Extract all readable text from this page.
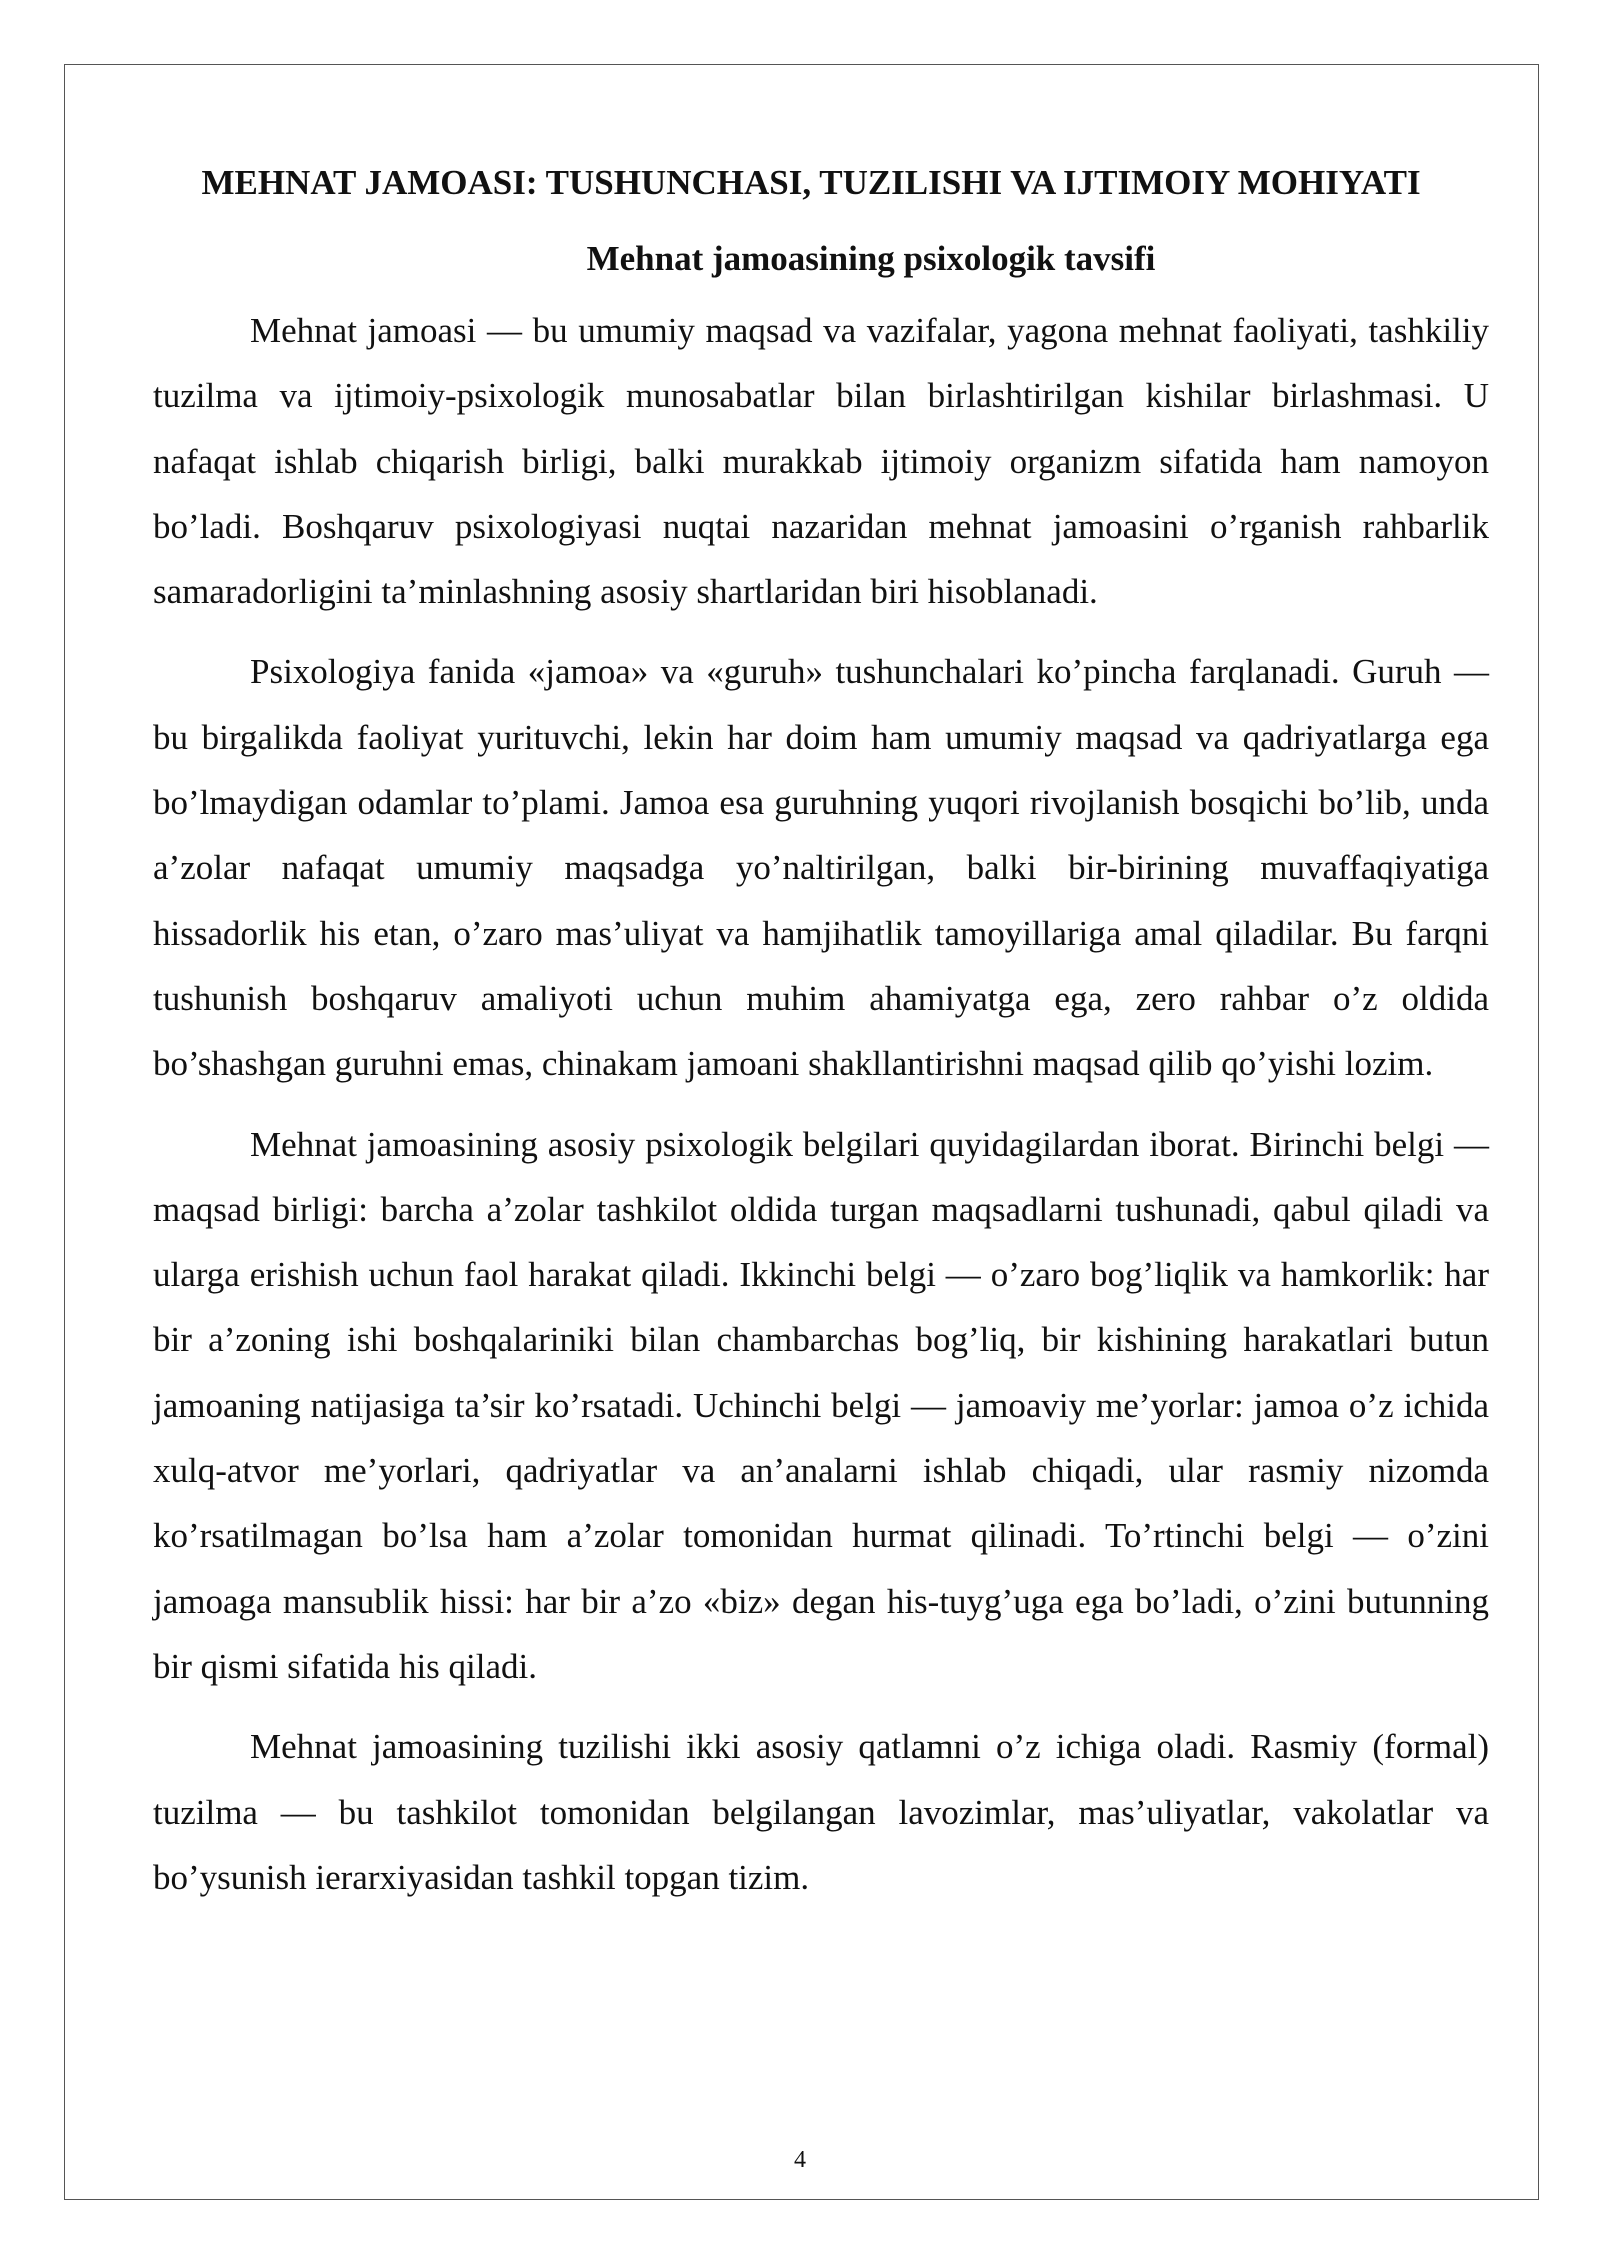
MEHNAT JAMOASI: TUSHUNCHASI, TUZILISHI VA IJTIMOIY MOHIYATI
Mehnat jamoasining psixologik tavsifi

Mehnat jamoasi — bu umumiy maqsad va vazifalar, yagona mehnat faoliyati, tashkiliy tuzilma va ijtimoiy-psixologik munosabatlar bilan birlashtirilgan kishilar birlashmasi. U nafaqat ishlab chiqarish birligi, balki murakkab ijtimoiy organizm sifatida ham namoyon bo’ladi. Boshqaruv psixologiyasi nuqtai nazaridan mehnat jamoasini o’rganish rahbarlik samaradorligini ta’minlashning asosiy shartlaridan biri hisoblanadi.

Psixologiya fanida «jamoa» va «guruh» tushunchalari ko’pincha farqlanadi. Guruh — bu birgalikda faoliyat yurituvchi, lekin har doim ham umumiy maqsad va qadriyatlarga ega bo’lmaydigan odamlar to’plami. Jamoa esa guruhning yuqori rivojlanish bosqichi bo’lib, unda a’zolar nafaqat umumiy maqsadga yo’naltirilgan, balki bir-birining muvaffaqiyatiga hissadorlik his etan, o’zaro mas’uliyat va hamjihatlik tamoyillariga amal qiladilar. Bu farqni tushunish boshqaruv amaliyoti uchun muhim ahamiyatga ega, zero rahbar o’z oldida bo’shashgan guruhni emas, chinakam jamoani shakllantirishni maqsad qilib qo’yishi lozim.

Mehnat jamoasining asosiy psixologik belgilari quyidagilardan iborat. Birinchi belgi — maqsad birligi: barcha a’zolar tashkilot oldida turgan maqsadlarni tushunadi, qabul qiladi va ularga erishish uchun faol harakat qiladi. Ikkinchi belgi — o’zaro bog’liqlik va hamkorlik: har bir a’zoning ishi boshqalariniki bilan chambarchas bog’liq, bir kishining harakatlari butun jamoaning natijasiga ta’sir ko’rsatadi. Uchinchi belgi — jamoaviy me’yorlar: jamoa o’z ichida xulq-atvor me’yorlari, qadriyatlar va an’analarni ishlab chiqadi, ular rasmiy nizomda ko’rsatilmagan bo’lsa ham a’zolar tomonidan hurmat qilinadi. To’rtinchi belgi — o’zini jamoaga mansublik hissi: har bir a’zo «biz» degan his-tuyg’uga ega bo’ladi, o’zini butunning bir qismi sifatida his qiladi.

Mehnat jamoasining tuzilishi ikki asosiy qatlamni o’z ichiga oladi. Rasmiy (formal) tuzilma — bu tashkilot tomonidan belgilangan lavozimlar, mas’uliyatlar, vakolatlar va bo’ysunish ierarxiyasidan tashkil topgan tizim.

4
